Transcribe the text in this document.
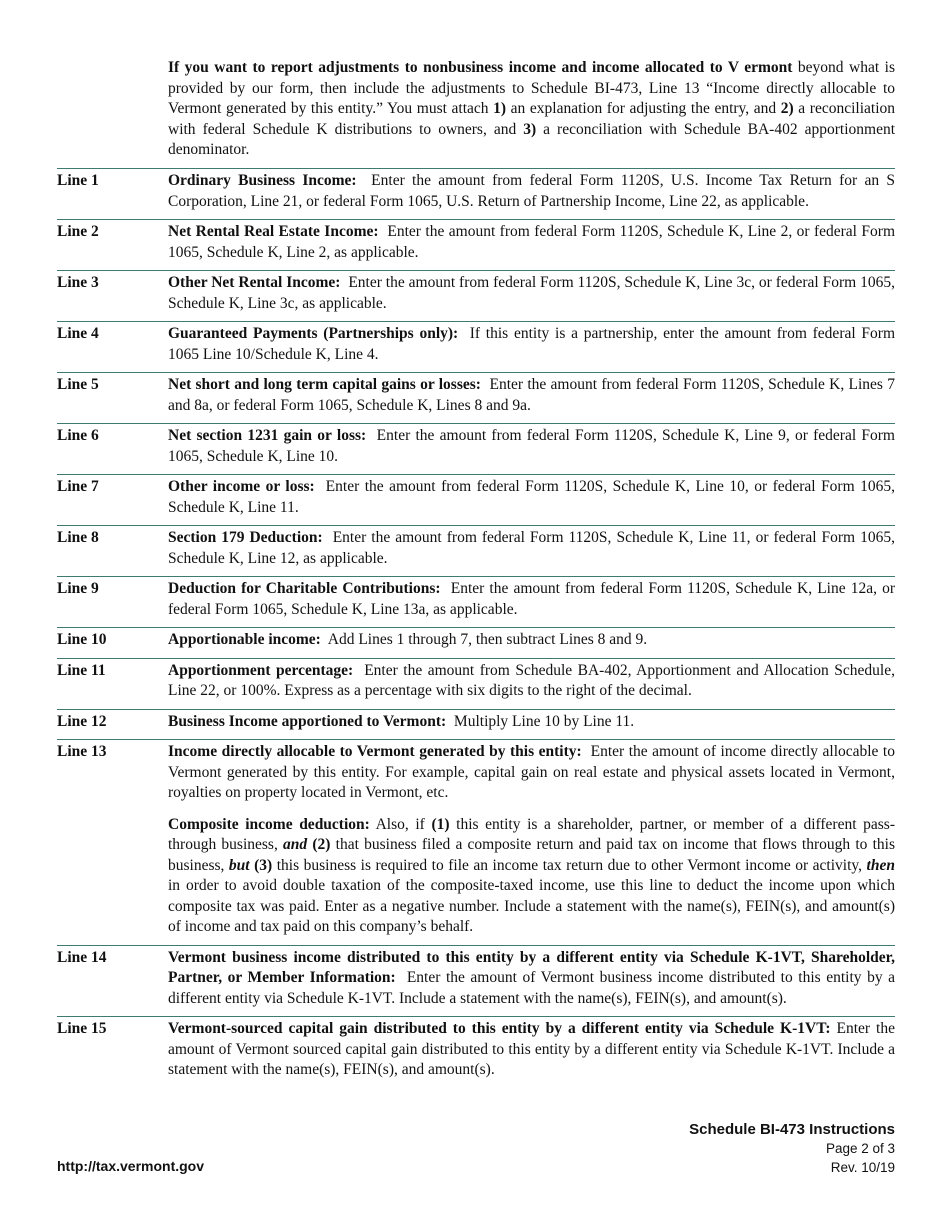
If you want to report adjustments to nonbusiness income and income allocated to V ermont beyond what is provided by our form, then include the adjustments to Schedule BI-473, Line 13 “Income directly allocable to Vermont generated by this entity.” You must attach 1) an explanation for adjusting the entry, and 2) a reconciliation with federal Schedule K distributions to owners, and 3) a reconciliation with Schedule BA-402 apportionment denominator.
Line 1	Ordinary Business Income: Enter the amount from federal Form 1120S, U.S. Income Tax Return for an S Corporation, Line 21, or federal Form 1065, U.S. Return of Partnership Income, Line 22, as applicable.

Line 2	Net Rental Real Estate Income: Enter the amount from federal Form 1120S, Schedule K, Line 2, or federal Form 1065, Schedule K, Line 2, as applicable.

Line 3	Other Net Rental Income: Enter the amount from federal Form 1120S, Schedule K, Line 3c, or federal Form 1065, Schedule K, Line 3c, as applicable.

Line 4	Guaranteed Payments (Partnerships only): If this entity is a partnership, enter the amount from federal Form 1065 Line 10/Schedule K, Line 4.

Line 5	Net short and long term capital gains or losses: Enter the amount from federal Form 1120S, Schedule K, Lines 7 and 8a, or federal Form 1065, Schedule K, Lines 8 and 9a.

Line 6	Net section 1231 gain or loss: Enter the amount from federal Form 1120S, Schedule K, Line 9, or federal Form 1065, Schedule K, Line 10.

Line 7	Other income or loss: Enter the amount from federal Form 1120S, Schedule K, Line 10, or federal Form 1065, Schedule K, Line 11.

Line 8	Section 179 Deduction: Enter the amount from federal Form 1120S, Schedule K, Line 11, or federal Form 1065, Schedule K, Line 12, as applicable.

Line 9	Deduction for Charitable Contributions: Enter the amount from federal Form 1120S, Schedule K, Line 12a, or federal Form 1065, Schedule K, Line 13a, as applicable.

Line 10	Apportionable income: Add Lines 1 through 7, then subtract Lines 8 and 9.

Line 11	Apportionment percentage: Enter the amount from Schedule BA-402, Apportionment and Allocation Schedule, Line 22, or 100%. Express as a percentage with six digits to the right of the decimal.

Line 12	Business Income apportioned to Vermont: Multiply Line 10 by Line 11.

Line 13	Income directly allocable to Vermont generated by this entity: Enter the amount of income directly allocable to Vermont generated by this entity. For example, capital gain on real estate and physical assets located in Vermont, royalties on property located in Vermont, etc.

Composite income deduction: Also, if (1) this entity is a shareholder, partner, or member of a different pass-through business, and (2) that business filed a composite return and paid tax on income that flows through to this business, but (3) this business is required to file an income tax return due to other Vermont income or activity, then in order to avoid double taxation of the composite-taxed income, use this line to deduct the income upon which composite tax was paid. Enter as a negative number. Include a statement with the name(s), FEIN(s), and amount(s) of income and tax paid on this company’s behalf.

Line 14	Vermont business income distributed to this entity by a different entity via Schedule K-1VT, Shareholder, Partner, or Member Information: Enter the amount of Vermont business income distributed to this entity by a different entity via Schedule K-1VT. Include a statement with the name(s), FEIN(s), and amount(s).

Line 15	Vermont-sourced capital gain distributed to this entity by a different entity via Schedule K-1VT: Enter the amount of Vermont sourced capital gain distributed to this entity by a different entity via Schedule K-1VT. Include a statement with the name(s), FEIN(s), and amount(s).

http://tax.vermont.gov
Schedule BI-473 Instructions
Page 2 of 3
Rev. 10/19
